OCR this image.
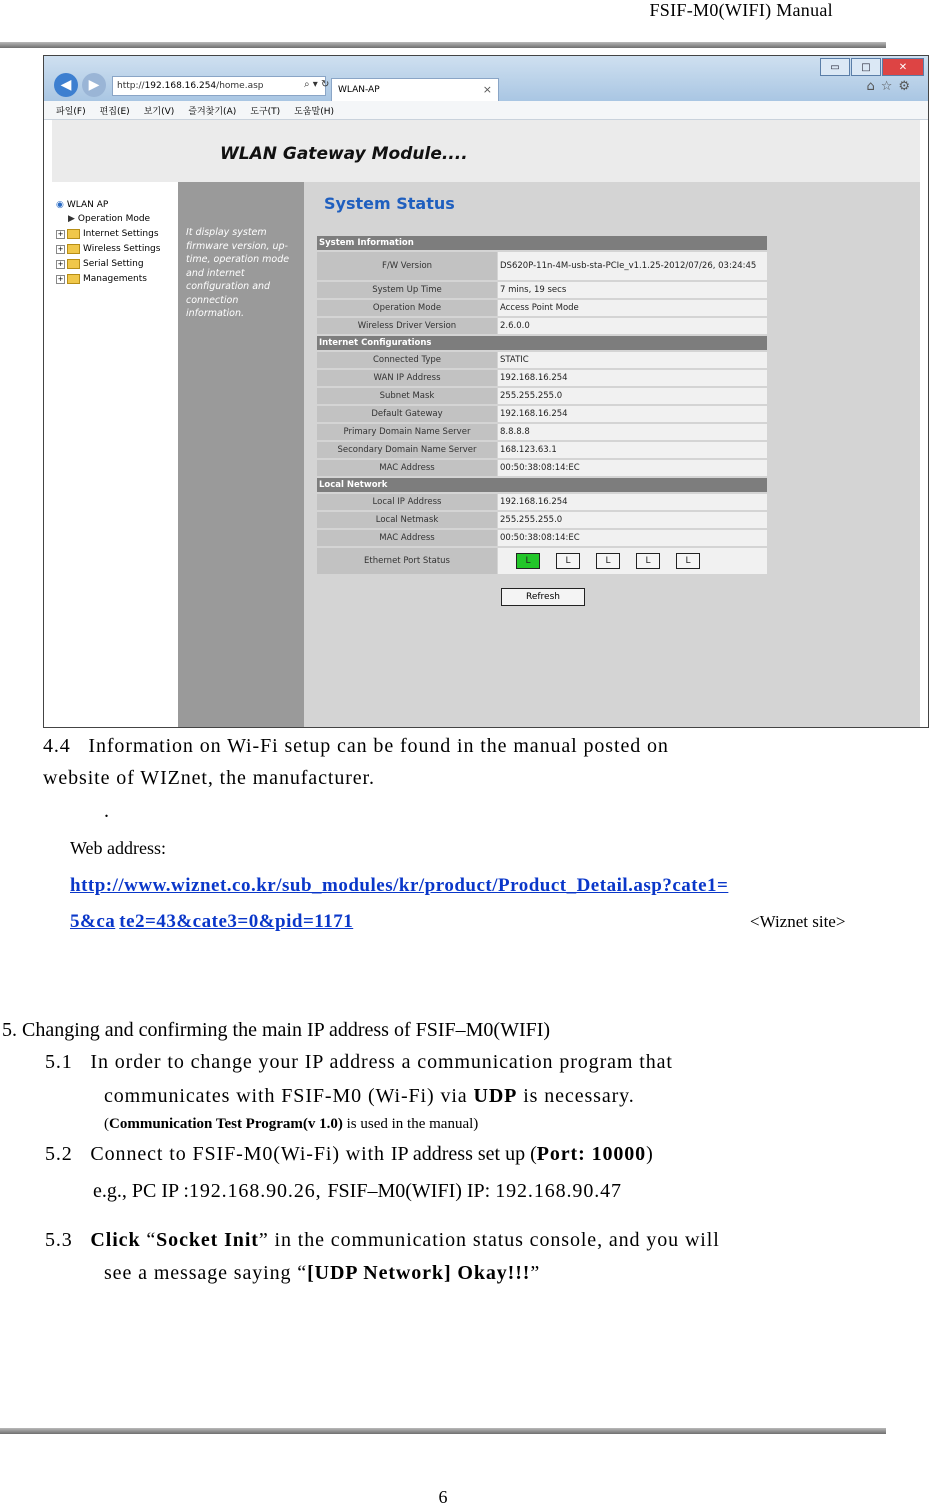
FSIF-M0(WIFI) Manual
▭	□	✕
◀	▶	http:// 192.168.16.254 /home.asp	⌕ ▾ ↻ WLAN-AP	×	⌂☆⚙
파일(F) 편집(E) 보기(V) 즐겨찾기(A) 도구(T) 도움말(H)
WLAN Gateway Module....
◉ WLAN AP
▶ Operation Mode
+ Internet Settings
+ Wireless Settings
+ Serial Setting
+ Managements
It display system firmware version, up-time, operation mode and internet configuration and connection information.
System Status
System Information	
F/W Version	DS620P-11n-4M-usb-sta-PCIe_v1.1.25-2012/07/26, 03:24:45
System Up Time	7 mins, 19 secs
Operation Mode	Access Point Mode
Wireless Driver Version	2.6.0.0
Internet Configurations	
Connected Type	STATIC
WAN IP Address	192.168.16.254
Subnet Mask	255.255.255.0
Default Gateway	192.168.16.254
Primary Domain Name Server	8.8.8.8
Secondary Domain Name Server	168.123.63.1
MAC Address	00:50:38:08:14:EC
Local Network	
Local IP Address	192.168.16.254
Local Netmask	255.255.255.0
MAC Address	00:50:38:08:14:EC
Ethernet Port Status	L L L L L
Refresh
4.4 Information on Wi-Fi setup can be found in the manual posted on
website of WIZnet, the manufacturer.
.
Web address:
http://www.wiznet.co.kr/sub_modules/kr/product/Product_Detail.asp?cate1=
5&ca te2=43&cate3=0&pid=1171	<Wiznet site>
5. Changing and confirming the main IP address of FSIF–M0(WIFI)
5.1 In order to change your IP address a communication program that
communicates with FSIF-M0 (Wi-Fi) via UDP is necessary.
(Communication Test Program(v 1.0) is used in the manual)
5.2 Connect to FSIF-M0(Wi-Fi) with IP address set up (Port: 10000)
e.g., PC IP :192.168.90.26, FSIF–M0(WIFI) IP: 192.168.90.47
5.3 Click “Socket Init” in the communication status console, and you will
see a message saying “[UDP Network] Okay!!!”
6
